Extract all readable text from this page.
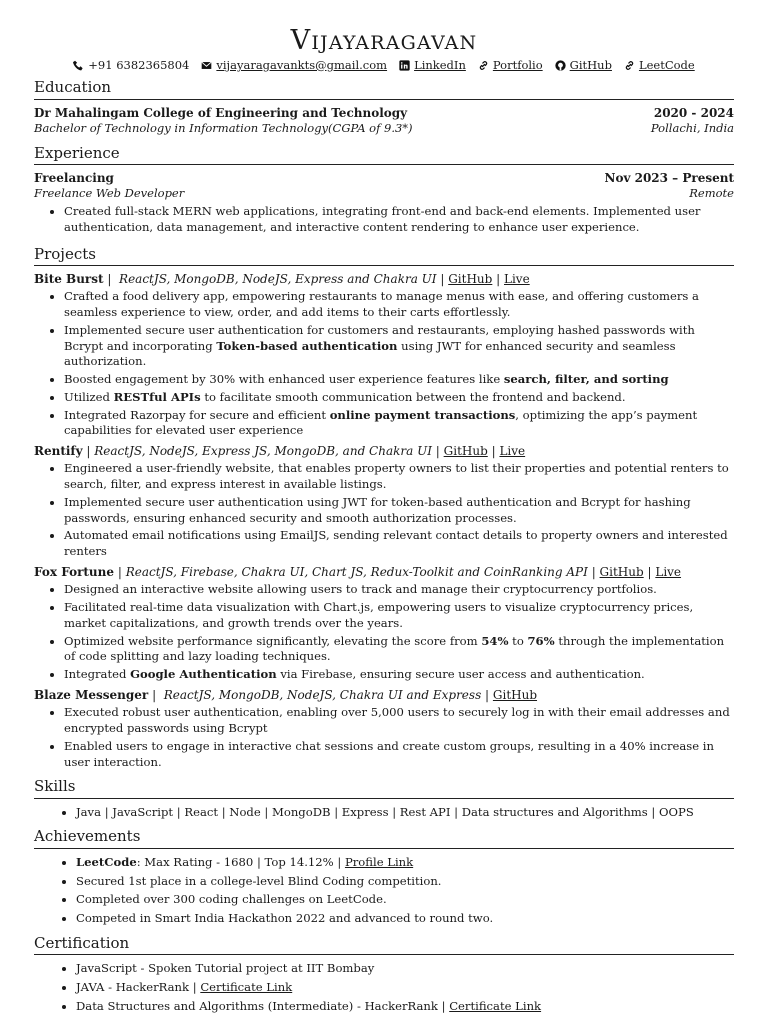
Vijayaragavan
+91 6382365804 vijayaragavankts@gmail.com LinkedIn Portfolio GitHub LeetCode
Education
Dr Mahalingam College of Engineering and Technology	2020 - 2024
Bachelor of Technology in Information Technology(CGPA of 9.3*)	Pollachi, India
Experience
Freelancing	Nov 2023 – Present
Freelance Web Developer	Remote
• Created full-stack MERN web applications, integrating front-end and back-end elements. Implemented user authentication, data management, and interactive content rendering to enhance user experience.
Projects
Bite Burst |  ReactJS, MongoDB, NodeJS, Express and Chakra UI | GitHub | Live
• Crafted a food delivery app, empowering restaurants to manage menus with ease, and offering customers a seamless experience to view, order, and add items to their carts effortlessly.
• Implemented secure user authentication for customers and restaurants, employing hashed passwords with Bcrypt and incorporating Token-based authentication using JWT for enhanced security and seamless authorization.
• Boosted engagement by 30% with enhanced user experience features like search, filter, and sorting
• Utilized RESTful APIs to facilitate smooth communication between the frontend and backend.
• Integrated Razorpay for secure and efficient online payment transactions, optimizing the app’s payment capabilities for elevated user experience
Rentify | ReactJS, NodeJS, Express JS, MongoDB, and Chakra UI | GitHub | Live
• Engineered a user-friendly website, that enables property owners to list their properties and potential renters to search, filter, and express interest in available listings.
• Implemented secure user authentication using JWT for token-based authentication and Bcrypt for hashing passwords, ensuring enhanced security and smooth authorization processes.
• Automated email notifications using EmailJS, sending relevant contact details to property owners and interested renters
Fox Fortune | ReactJS, Firebase, Chakra UI, Chart JS, Redux-Toolkit and CoinRanking API | GitHub | Live
• Designed an interactive website allowing users to track and manage their cryptocurrency portfolios.
• Facilitated real-time data visualization with Chart.js, empowering users to visualize cryptocurrency prices, market capitalizations, and growth trends over the years.
• Optimized website performance significantly, elevating the score from 54% to 76% through the implementation of code splitting and lazy loading techniques.
• Integrated Google Authentication via Firebase, ensuring secure user access and authentication.
Blaze Messenger |  ReactJS, MongoDB, NodeJS, Chakra UI and Express | GitHub
• Executed robust user authentication, enabling over 5,000 users to securely log in with their email addresses and encrypted passwords using Bcrypt
• Enabled users to engage in interactive chat sessions and create custom groups, resulting in a 40% increase in user interaction.
Skills
• Java | JavaScript | React | Node | MongoDB | Express | Rest API | Data structures and Algorithms | OOPS
Achievements
• LeetCode: Max Rating - 1680 | Top 14.12% | Profile Link
• Secured 1st place in a college-level Blind Coding competition.
• Completed over 300 coding challenges on LeetCode.
• Competed in Smart India Hackathon 2022 and advanced to round two.
Certification
• JavaScript - Spoken Tutorial project at IIT Bombay
• JAVA - HackerRank | Certificate Link
• Data Structures and Algorithms (Intermediate) - HackerRank | Certificate Link
